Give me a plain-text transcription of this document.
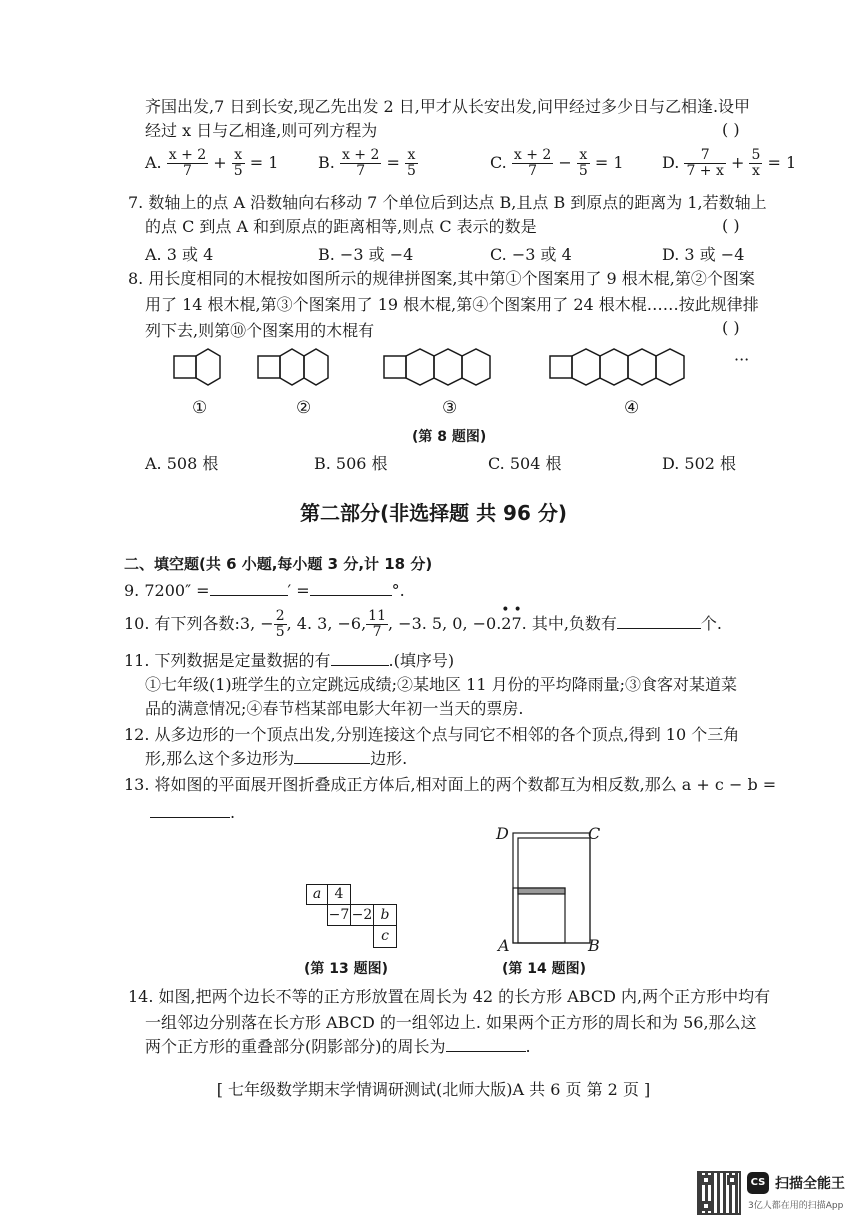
齐国出发,7 日到长安,现乙先出发 2 日,甲才从长安出发,问甲经过多少日与乙相逢.设甲
经过 x 日与乙相逢,则可列方程为	( )
A. $\frac{x + 2}{7} + \frac{x}{5} = 1$ B. $\frac{x + 2}{7} = \frac{x}{5}$	C. $\frac{x + 2}{7} - \frac{x}{5} = 1$ D. $\frac{7}{7 + x} + \frac{5}{x} = 1$
7. 数轴上的点 A 沿数轴向右移动 7 个单位后到达点 B,且点 B 到原点的距离为 1,若数轴上
的点 C 到点 A 和到原点的距离相等,则点 C 表示的数是	( )
A. 3 或 4	B. −3 或 −4	C. −3 或 4	D. 3 或 −4
8. 用长度相同的木棍按如图所示的规律拼图案,其中第①个图案用了 9 根木棍,第②个图案
用了 14 根木棍,第③个图案用了 19 根木棍,第④个图案用了 24 根木棍……按此规律排
列下去,则第⑩个图案用的木棍有	( )
···
①	②	③	④
(第 8 题图)
A. 508 根	B. 506 根	C. 504 根	D. 502 根
第二部分(非选择题 共 96 分)
二、填空题(共 6 小题,每小题 3 分,计 18 分)
9. 7200″ =	′ =	°.
10. 有下列各数:3, − $\frac{2}{5}$ , 4. 3, −6, $\frac{11}{7}$ , −3. 5, 0, −0.
••
27. 其中,负数有	个.
11. 下列数据是定量数据的有	.(填序号)
①七年级(1)班学生的立定跳远成绩;②某地区 11 月份的平均降雨量;③食客对某道菜
品的满意情况;④春节档某部电影大年初一当天的票房.
12. 从多边形的一个顶点出发,分别连接这个点与同它不相邻的各个顶点,得到 10 个三角
形,那么这个多边形为	边形.
13. 将如图的平面展开图折叠成正方体后,相对面上的两个数都互为相反数,那么 a + c − b =
.
a 4
−7 −2 b
c
(第 13 题图)
D	C
A	B
(第 14 题图)
14. 如图,把两个边长不等的正方形放置在周长为 42 的长方形 ABCD 内,两个正方形中均有
一组邻边分别落在长方形 ABCD 的一组邻边上. 如果两个正方形的周长和为 56,那么这
两个正方形的重叠部分(阴影部分)的周长为	.
[ 七年级数学期末学情调研测试(北师大版)A 共 6 页 第 2 页 ]
CS 扫描全能王
3亿人都在用的扫描App
